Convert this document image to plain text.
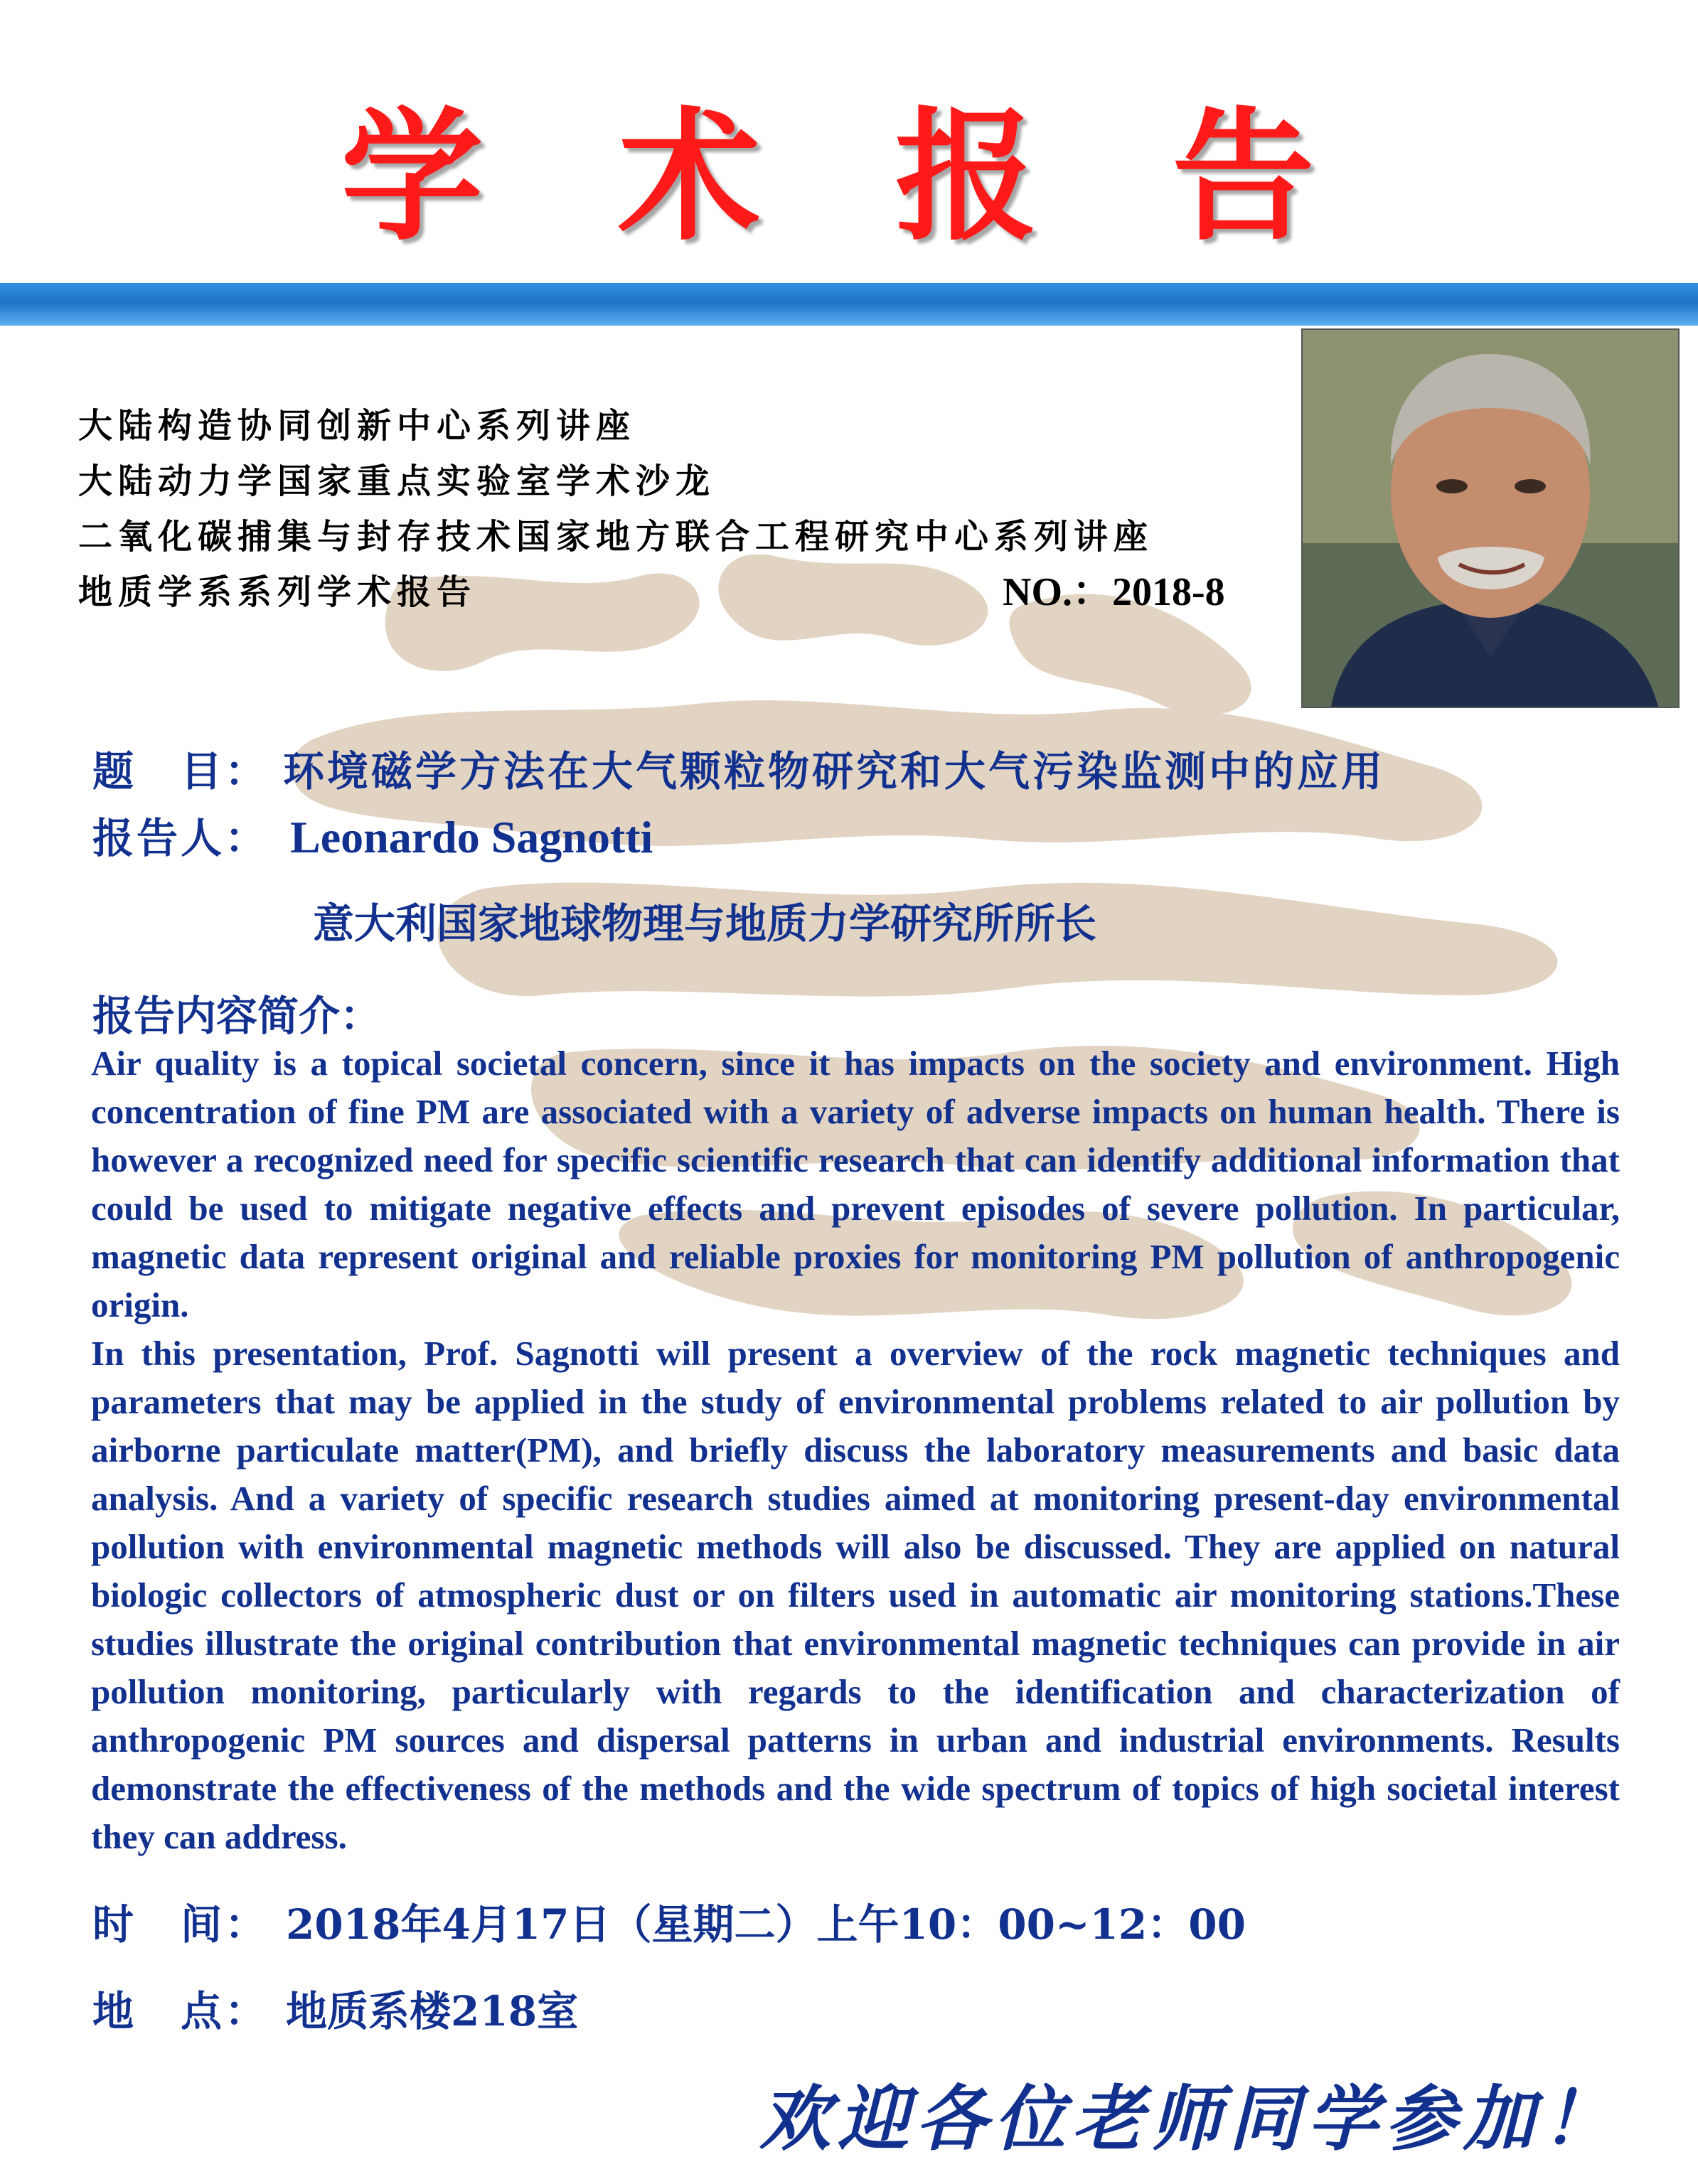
学 术 报 告
大陆构造协同创新中心系列讲座
大陆动力学国家重点实验室学术沙龙
二氧化碳捕集与封存技术国家地方联合工程研究中心系列讲座
地质学系系列学术报告	NO.：2018-8
题　目： 环境磁学方法在大气颗粒物研究和大气污染监测中的应用
报告人： Leonardo Sagnotti
意大利国家地球物理与地质力学研究所所长
报告内容简介：

Air quality is a topical societal concern, since it has impacts on the society and environment. High concentration of fine PM are associated with a variety of adverse impacts on human health. There is however a recognized need for specific scientific research that can identify additional information that could be used to mitigate negative effects and prevent episodes of severe pollution. In particular, magnetic data represent original and reliable proxies for monitoring PM pollution of anthropogenic origin.

In this presentation, Prof. Sagnotti will present a overview of the rock magnetic techniques and parameters that may be applied in the study of environmental problems related to air pollution by airborne particulate matter(PM), and briefly discuss the laboratory measurements and basic data analysis. And a variety of specific research studies aimed at monitoring present-day environmental pollution with environmental magnetic methods will also be discussed. They are applied on natural biologic collectors of atmospheric dust or on filters used in automatic air monitoring stations.These studies illustrate the original contribution that environmental magnetic techniques can provide in air pollution monitoring, particularly with regards to the identification and characterization of anthropogenic PM sources and dispersal patterns in urban and industrial environments. Results demonstrate the effectiveness of the methods and the wide spectrum of topics of high societal interest they can address.

时　间： 2018年4月17日（星期二）上午10：00~12：00
地　点： 地质系楼218室
欢迎各位老师同学参加！
